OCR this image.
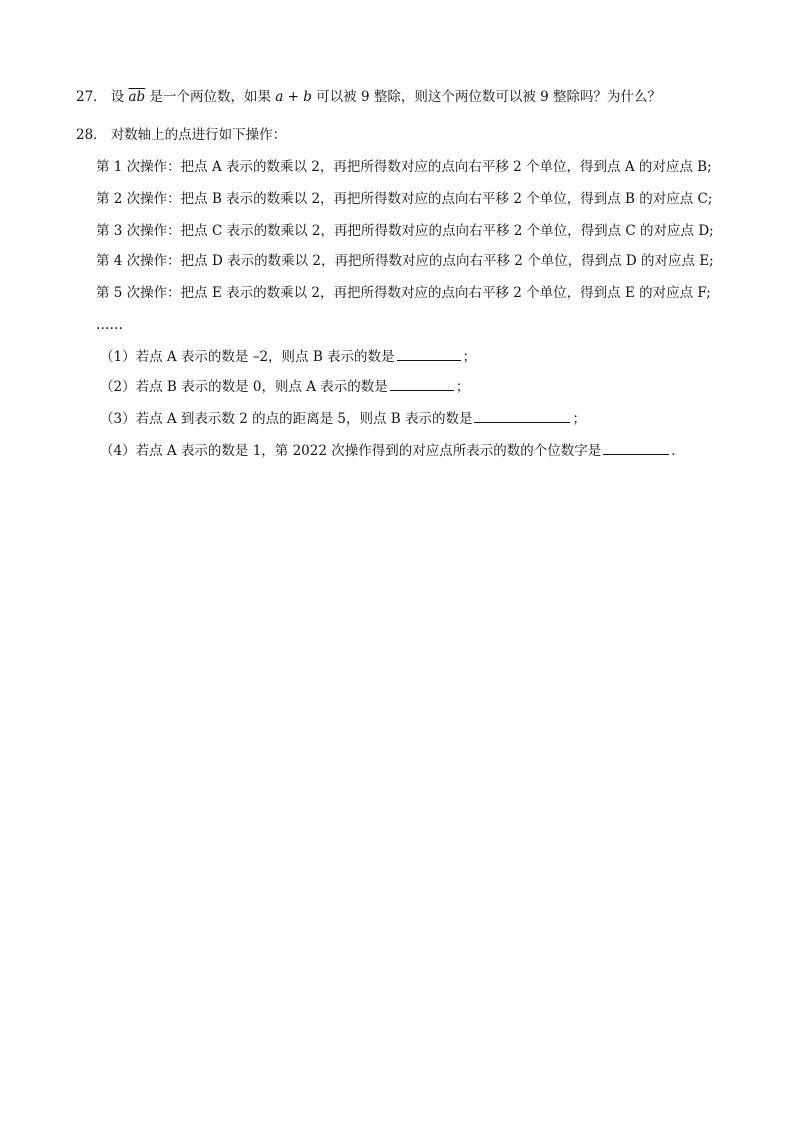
27． 设 $\overline{ab}$ 是一个两位数，如果 a + b 可以被 9 整除，则这个两位数可以被 9 整除吗？为什么？
28． 对数轴上的点进行如下操作：
第 1 次操作：把点 A 表示的数乘以 2，再把所得数对应的点向右平移 2 个单位，得到点 A 的对应点 B;
第 2 次操作：把点 B 表示的数乘以 2，再把所得数对应的点向右平移 2 个单位，得到点 B 的对应点 C;
第 3 次操作：把点 C 表示的数乘以 2，再把所得数对应的点向右平移 2 个单位，得到点 C 的对应点 D;
第 4 次操作：把点 D 表示的数乘以 2，再把所得数对应的点向右平移 2 个单位，得到点 D 的对应点 E;
第 5 次操作：把点 E 表示的数乘以 2，再把所得数对应的点向右平移 2 个单位，得到点 E 的对应点 F;
……
（1）若点 A 表示的数是 –2，则点 B 表示的数是	；
（2）若点 B 表示的数是 0，则点 A 表示的数是	；
（3）若点 A 到表示数 2 的点的距离是 5，则点 B 表示的数是	；
（4）若点 A 表示的数是 1，第 2022 次操作得到的对应点所表示的数的个位数字是	.
